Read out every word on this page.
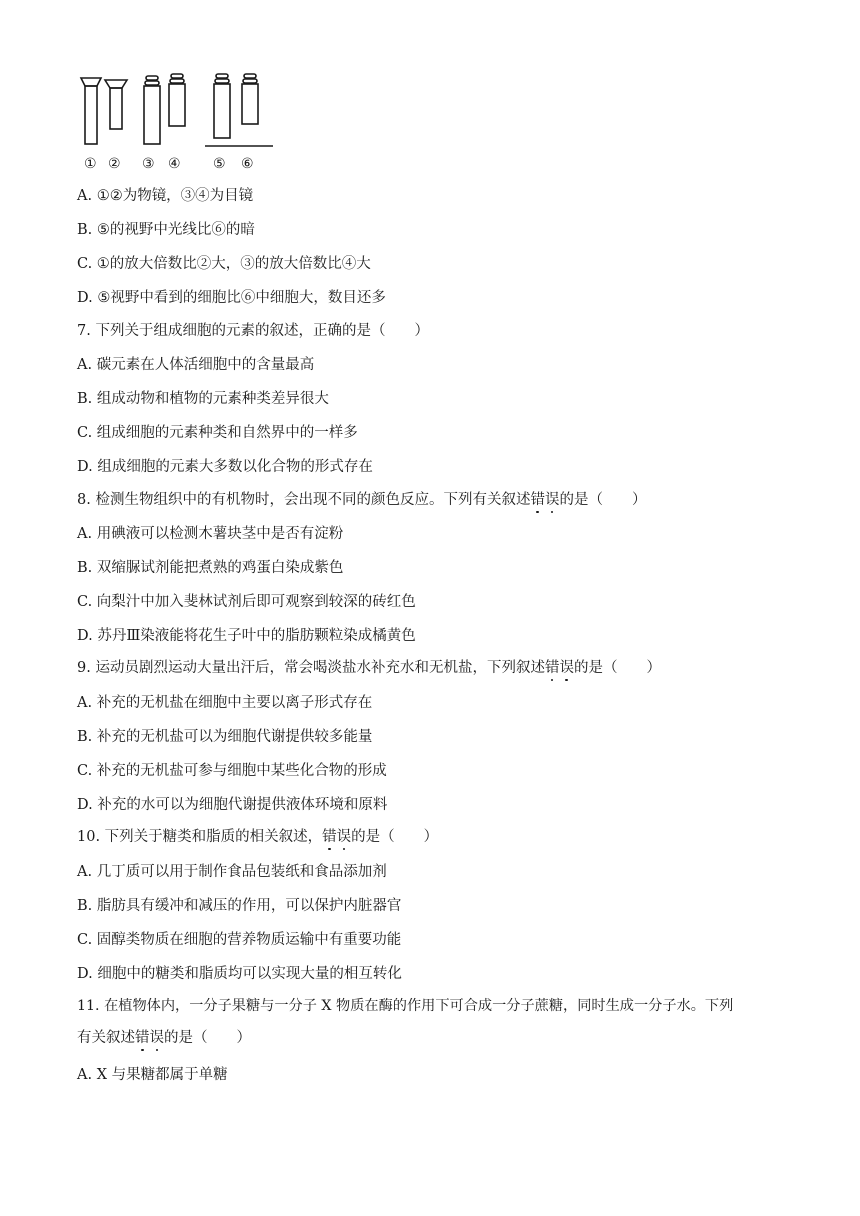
① ② ③ ④ ⑤ ⑥
A. ①②为物镜，③④为目镜
B. ⑤的视野中光线比⑥的暗
C. ①的放大倍数比②大，③的放大倍数比④大
D. ⑤视野中看到的细胞比⑥中细胞大，数目还多
7. 下列关于组成细胞的元素的叙述，正确的是（　　）
A. 碳元素在人体活细胞中的含量最高
B. 组成动物和植物的元素种类差异很大
C. 组成细胞的元素种类和自然界中的一样多
D. 组成细胞的元素大多数以化合物的形式存在
8. 检测生物组织中的有机物时，会出现不同的颜色反应。下列有关叙述错误的是（　　）
A. 用碘液可以检测木薯块茎中是否有淀粉
B. 双缩脲试剂能把煮熟的鸡蛋白染成紫色
C. 向梨汁中加入斐林试剂后即可观察到较深的砖红色
D. 苏丹Ⅲ染液能将花生子叶中的脂肪颗粒染成橘黄色
9. 运动员剧烈运动大量出汗后，常会喝淡盐水补充水和无机盐，下列叙述错误的是（　　）
A. 补充的无机盐在细胞中主要以离子形式存在
B. 补充的无机盐可以为细胞代谢提供较多能量
C. 补充的无机盐可参与细胞中某些化合物的形成
D. 补充的水可以为细胞代谢提供液体环境和原料
10. 下列关于糖类和脂质的相关叙述，错误的是（　　）
A. 几丁质可以用于制作食品包装纸和食品添加剂
B. 脂肪具有缓冲和减压的作用，可以保护内脏器官
C. 固醇类物质在细胞的营养物质运输中有重要功能
D. 细胞中的糖类和脂质均可以实现大量的相互转化
11. 在植物体内，一分子果糖与一分子 X 物质在酶的作用下可合成一分子蔗糖，同时生成一分子水。下列
有关叙述错误的是（　　）
A. X 与果糖都属于单糖
